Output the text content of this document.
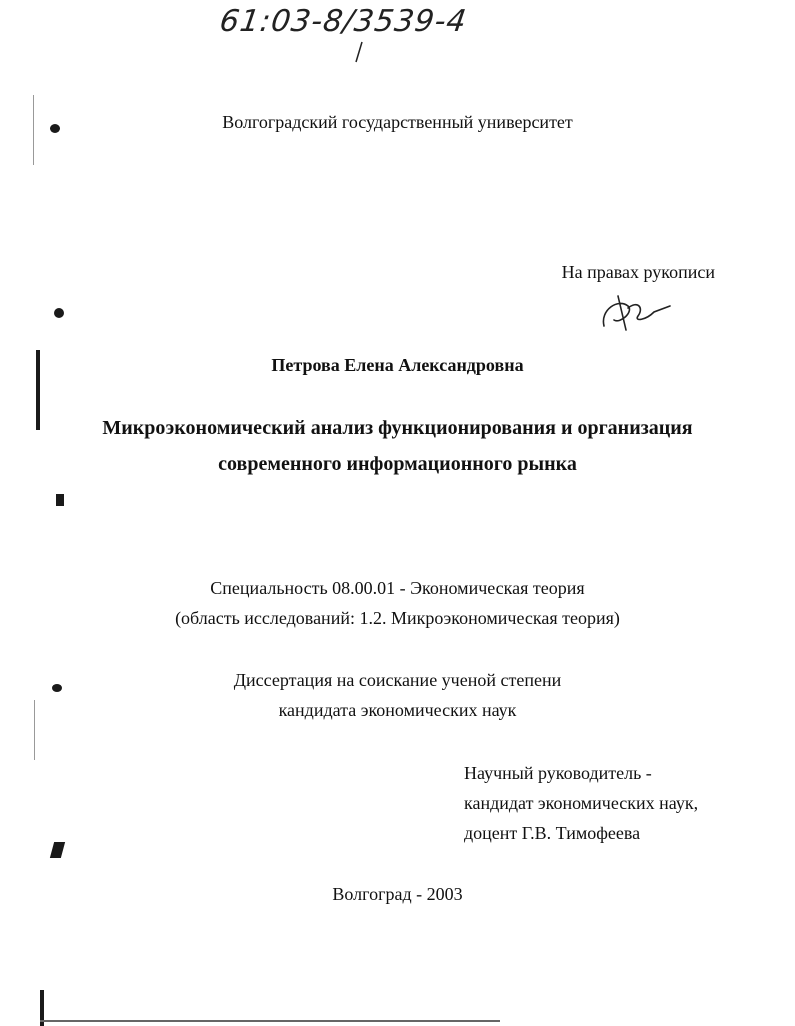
61:03-8/3539-4
Волгоградский государственный университет
На правах рукописи
Петрова Елена Александровна
Микроэкономический анализ функционирования и организация
современного информационного рынка
Специальность 08.00.01 - Экономическая теория
(область исследований: 1.2. Микроэкономическая теория)
Диссертация на соискание ученой степени
кандидата экономических наук
Научный руководитель -
кандидат экономических наук,
доцент Г.В. Тимофеева
Волгоград - 2003
